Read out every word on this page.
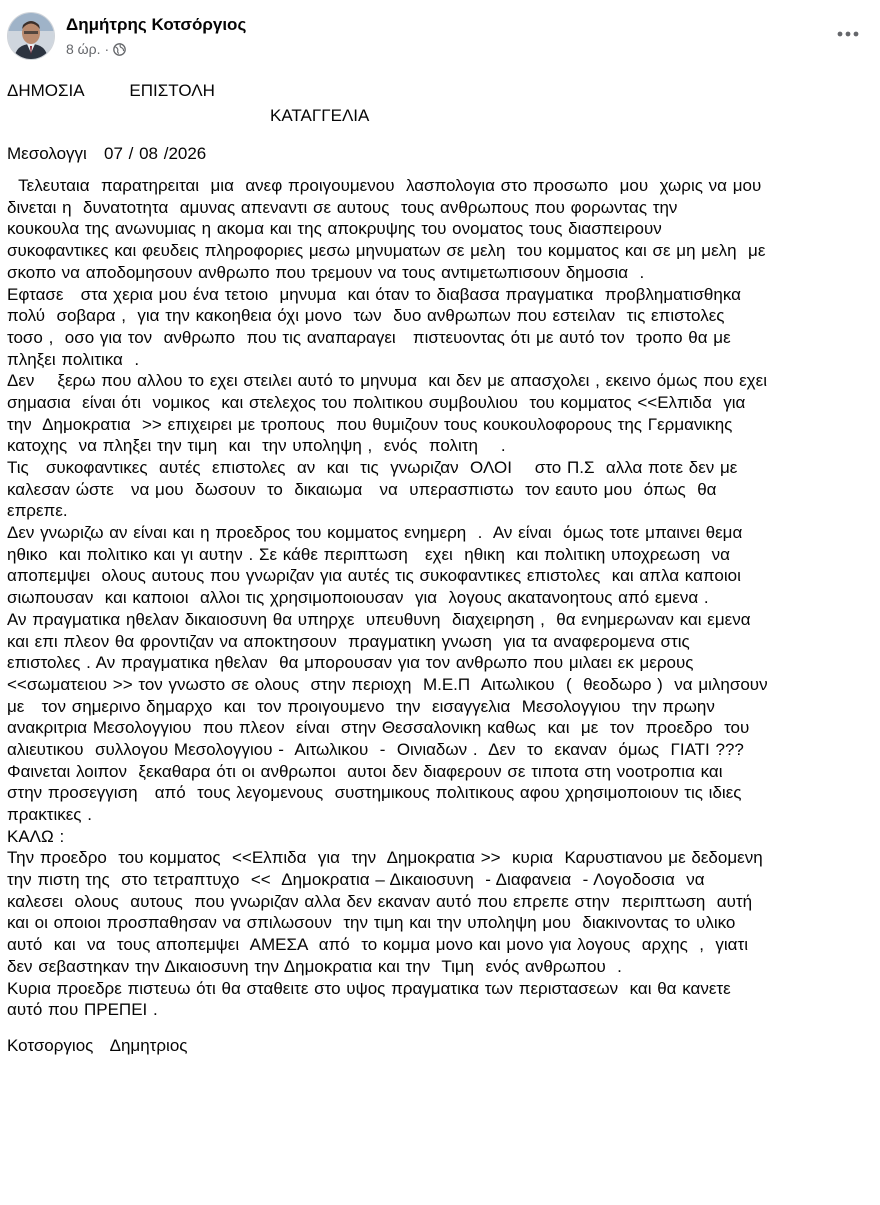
Δημήτρης Κοτσόργιος
8 ώρ. ·
ΔΗΜΟΣΙΑ        ΕΠΙΣΤΟΛΗ
ΚΑΤΑΓΓΕΛΙΑ
Μεσολογγι   07 / 08 /2026
Τελευταια  παρατηρειται  μια  ανεφ προιγουμενου  λασπολογια στο προσωπο  μου  χωρις να μου
δινεται η  δυνατοτητα  αμυνας απεναντι σε αυτους  τους ανθρωπους που φορωντας την
κουκουλα της ανωνυμιας η ακομα και της αποκρυψης του ονοματος τους διασπειρουν
συκοφαντικες και φευδεις πληροφοριες μεσω μηνυματων σε μελη  του κομματος και σε μη μελη  με
σκοπο να αποδομησουν ανθρωπο που τρεμουν να τους αντιμετωπισουν δημοσια  .
Εφτασε   στα χερια μου ένα τετοιο  μηνυμα  και όταν το διαβασα πραγματικα  προβληματισθηκα
πολύ  σοβαρα ,  για την κακοηθεια όχι μονο  των  δυο ανθρωπων που εστειλαν  τις επιστολες
τοσο ,  οσο για τον  ανθρωπο  που τις αναπαραγει   πιστευοντας ότι με αυτό τον  τροπο θα με
πληξει πολιτικα  .
Δεν    ξερω που αλλου το εχει στειλει αυτό το μηνυμα  και δεν με απασχολει , εκεινο όμως που εχει
σημασια  είναι ότι  νομικος  και στελεχος του πολιτικου συμβουλιου  του κομματος <<Ελπιδα  για
την  Δημοκρατια  >> επιχειρει με τροπους  που θυμιζουν τους κουκουλοφορους της Γερμανικης
κατοχης  να πληξει την τιμη  και  την υποληψη ,  ενός  πολιτη    .
Τις   συκοφαντικες  αυτές  επιστολες  αν  και  τις  γνωριζαν  ΟΛΟΙ    στο Π.Σ  αλλα ποτε δεν με
καλεσαν ώστε   να μου  δωσουν  το  δικαιωμα   να  υπερασπιστω  τον εαυτο μου  όπως  θα
επρεπε.
Δεν γνωριζω αν είναι και η προεδρος του κομματος ενημερη  .  Αν είναι  όμως τοτε μπαινει θεμα
ηθικο  και πολιτικο και γι αυτην . Σε κάθε περιπτωση   εχει  ηθικη  και πολιτικη υποχρεωση  να
αποπεμψει  ολους αυτους που γνωριζαν για αυτές τις συκοφαντικες επιστολες  και απλα καποιοι
σιωπουσαν  και καποιοι  αλλοι τις χρησιμοποιουσαν  για  λογους ακατανοητους από εμενα .
Αν πραγματικα ηθελαν δικαιοσυνη θα υπηρχε  υπευθυνη  διαχειρηση ,  θα ενημερωναν και εμενα
και επι πλεον θα φροντιζαν να αποκτησουν  πραγματικη γνωση  για τα αναφερομενα στις
επιστολες . Αν πραγματικα ηθελαν  θα μπορουσαν για τον ανθρωπο που μιλαει εκ μερους
<<σωματειου >> τον γνωστο σε ολους  στην περιοχη  Μ.Ε.Π  Αιτωλικου  (  θεοδωρο )  να μιλησουν
με   τον σημερινο δημαρχο  και  τον προιγουμενο  την  εισαγγελια  Μεσολογγιου  την πρωην
ανακριτρια Μεσολογγιου  που πλεον  είναι  στην Θεσσαλονικη καθως  και  με  τον  προεδρο  του
αλιευτικου  συλλογου Μεσολογγιου -  Αιτωλικου  -  Οινιαδων .  Δεν  το  εκαναν  όμως  ΓΙΑΤΙ ???
Φαινεται λοιπον  ξεκαθαρα ότι οι ανθρωποι  αυτοι δεν διαφερουν σε τιποτα στη νοοτροπια και
στην προσεγγιση   από  τους λεγομενους  συστημικους πολιτικους αφου χρησιμοποιουν τις ιδιες
πρακτικες .
ΚΑΛΩ :
Την προεδρο  του κομματος  <<Ελπιδα  για  την  Δημοκρατια >>  κυρια  Καρυστιανου με δεδομενη
την πιστη της  στο τετραπτυχο  <<  Δημοκρατια – Δικαιοσυνη  - Διαφανεια  - Λογοδοσια  να
καλεσει  ολους  αυτους  που γνωριζαν αλλα δεν εκαναν αυτό που επρεπε στην  περιπτωση  αυτή
και οι οποιοι προσπαθησαν να σπιλωσουν  την τιμη και την υποληψη μου  διακινοντας το υλικο
αυτό  και  να  τους αποπεμψει  ΑΜΕΣΑ  από  το κομμα μονο και μονο για λογους  αρχης  ,  γιατι
δεν σεβαστηκαν την Δικαιοσυνη την Δημοκρατια και την  Τιμη  ενός ανθρωπου  .
Κυρια προεδρε πιστευω ότι θα σταθειτε στο υψος πραγματικα των περιστασεων  και θα κανετε
αυτό που ΠΡΕΠΕΙ .
Κοτσοργιος   Δημητριος
